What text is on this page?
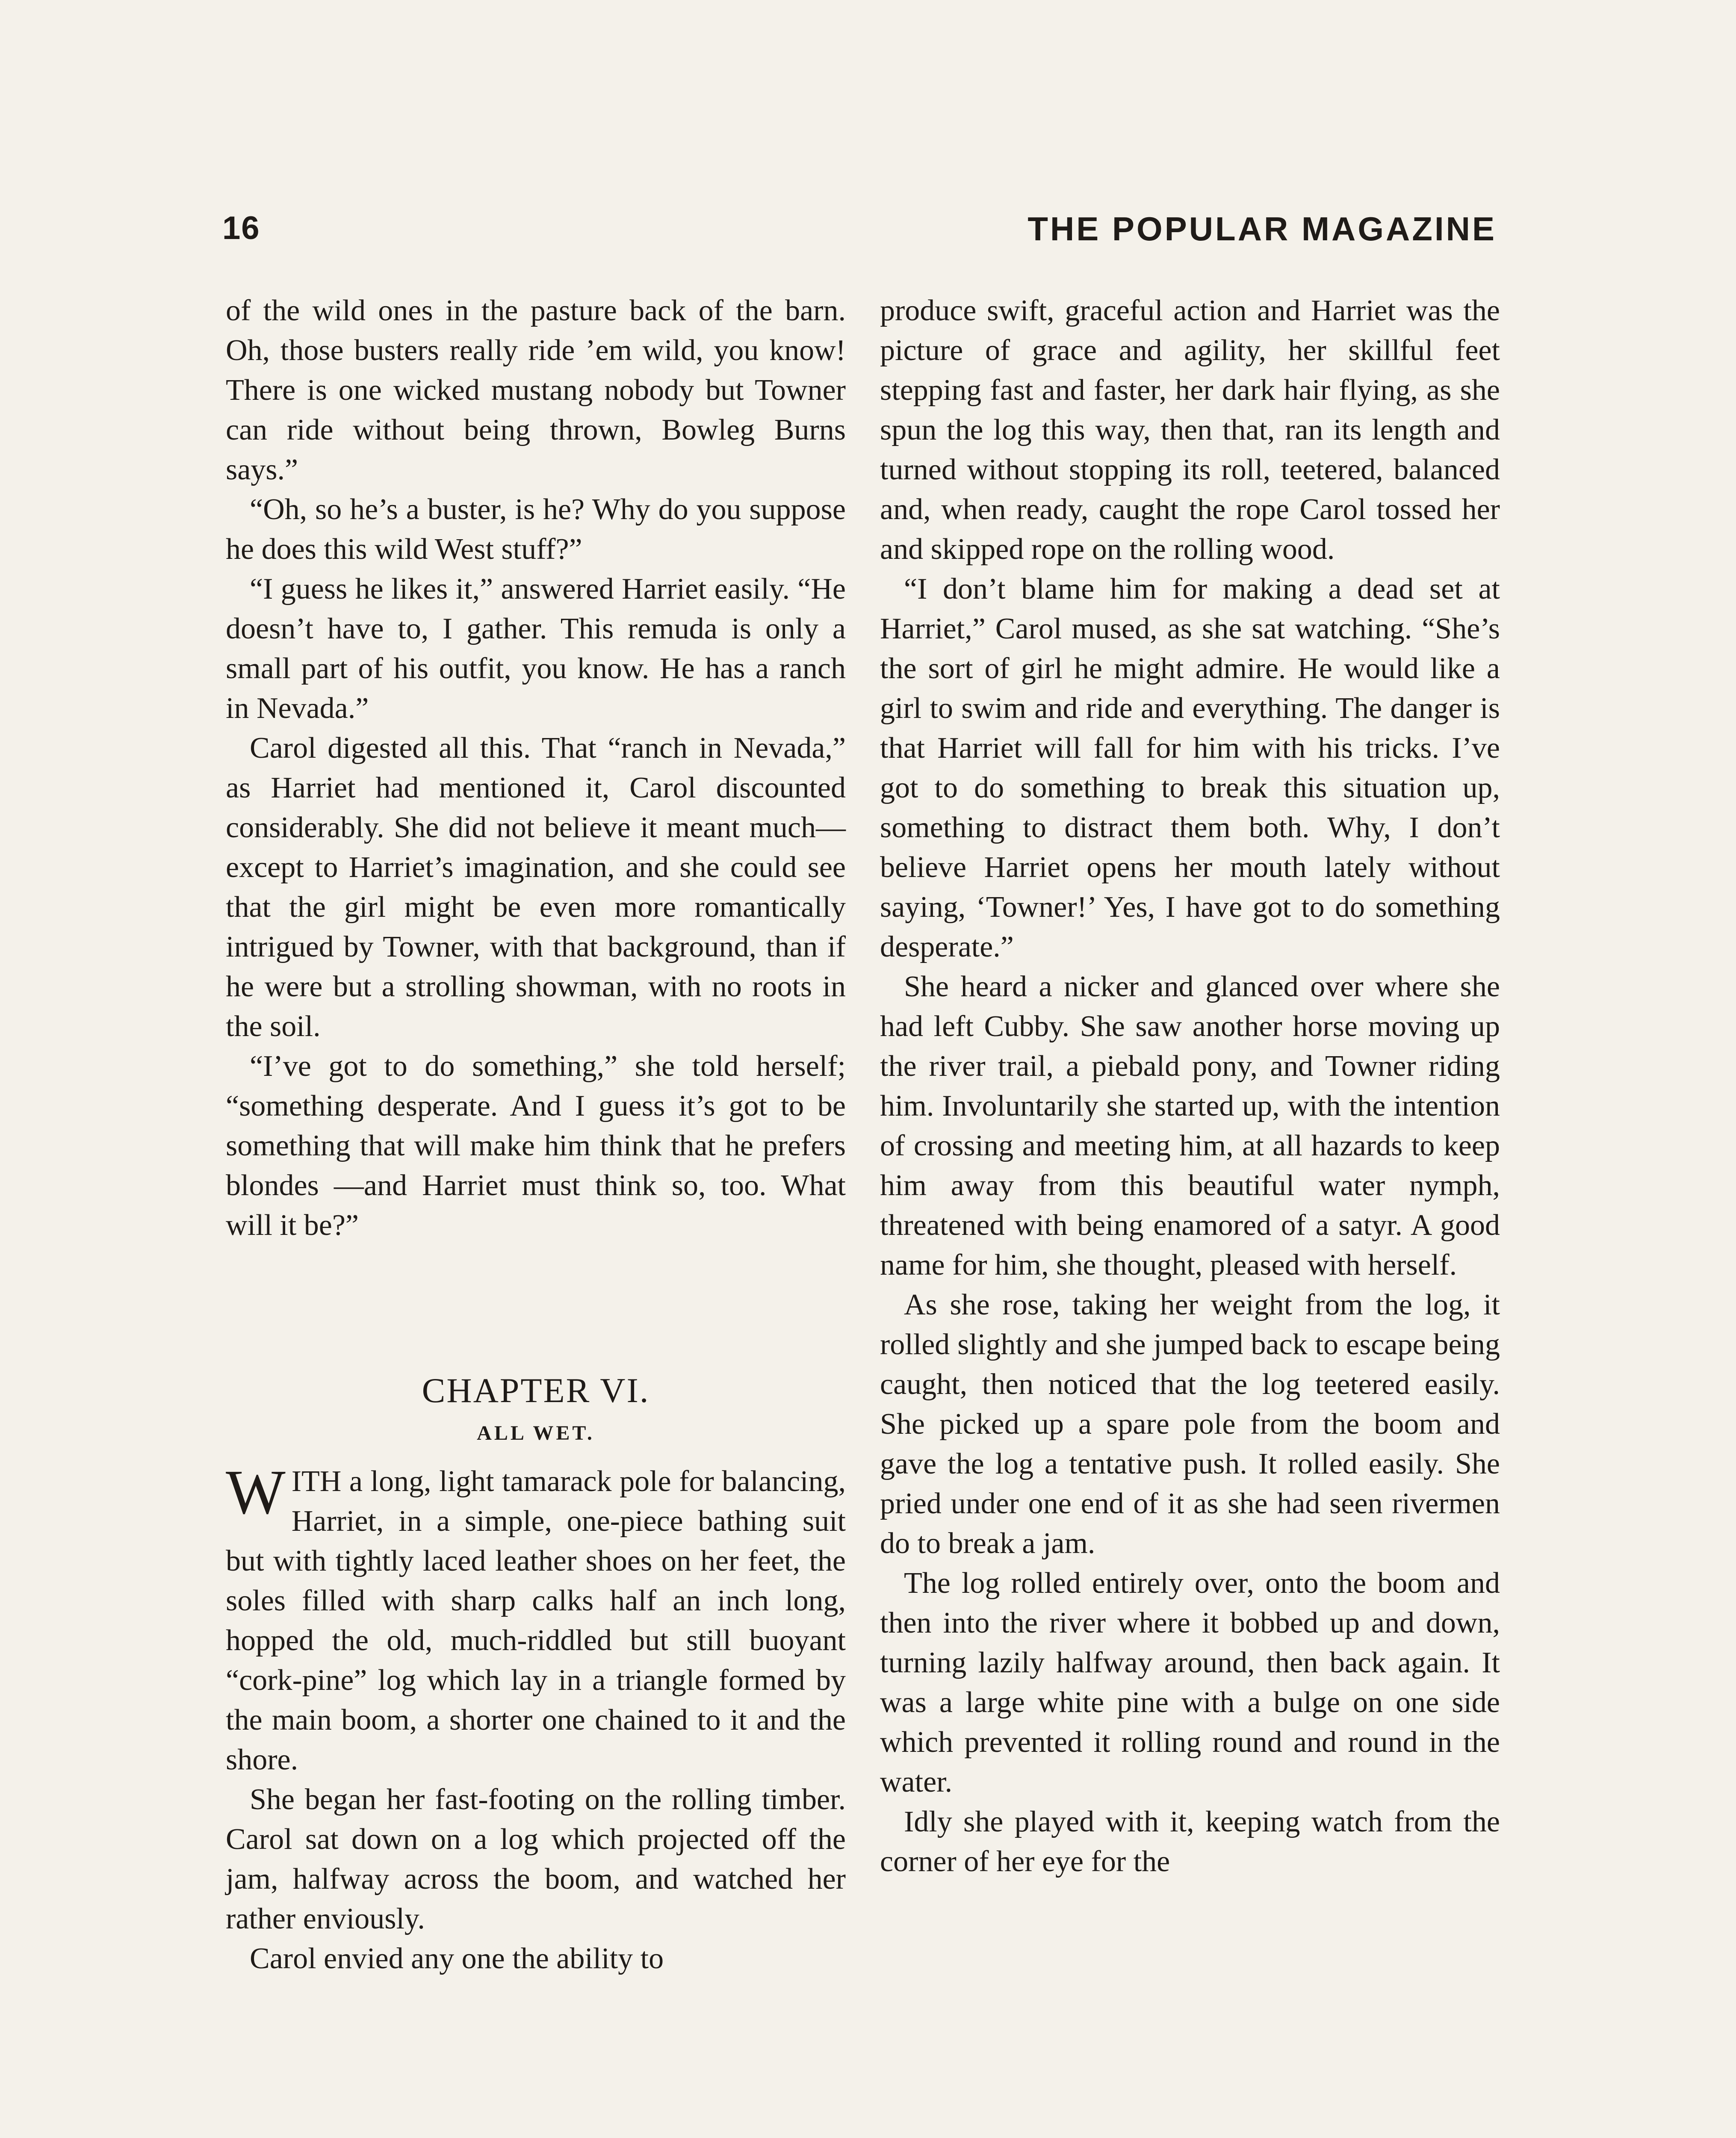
16	THE POPULAR MAGAZINE

of the wild ones in the pasture back of the barn. Oh, those busters really ride ’em wild, you know! There is one wicked mustang nobody but Towner can ride without being thrown, Bowleg Burns says.”

“Oh, so he’s a buster, is he? Why do you suppose he does this wild West stuff?”

“I guess he likes it,” answered Harriet easily. “He doesn’t have to, I gather. This remuda is only a small part of his outfit, you know. He has a ranch in Nevada.”

Carol digested all this. That “ranch in Nevada,” as Harriet had mentioned it, Carol discounted considerably. She did not believe it meant much—except to Harriet’s imagination, and she could see that the girl might be even more romantically intrigued by Towner, with that background, than if he were but a strolling showman, with no roots in the soil.

“I’ve got to do something,” she told herself; “something desperate. And I guess it’s got to be something that will make him think that he prefers blondes —and Harriet must think so, too. What will it be?”

CHAPTER VI.

ALL WET.

WITH a long, light tamarack pole for balancing, Harriet, in a simple, one-piece bathing suit but with tightly laced leather shoes on her feet, the soles filled with sharp calks half an inch long, hopped the old, much-riddled but still buoyant “cork-pine” log which lay in a triangle formed by the main boom, a shorter one chained to it and the shore.

She began her fast-footing on the rolling timber. Carol sat down on a log which projected off the jam, halfway across the boom, and watched her rather enviously.

Carol envied any one the ability to

produce swift, graceful action and Harriet was the picture of grace and agility, her skillful feet stepping fast and faster, her dark hair flying, as she spun the log this way, then that, ran its length and turned without stopping its roll, teetered, balanced and, when ready, caught the rope Carol tossed her and skipped rope on the rolling wood.

“I don’t blame him for making a dead set at Harriet,” Carol mused, as she sat watching. “She’s the sort of girl he might admire. He would like a girl to swim and ride and everything. The danger is that Harriet will fall for him with his tricks. I’ve got to do something to break this situation up, something to distract them both. Why, I don’t believe Harriet opens her mouth lately without saying, ‘Towner!’ Yes, I have got to do something desperate.”

She heard a nicker and glanced over where she had left Cubby. She saw another horse moving up the river trail, a piebald pony, and Towner riding him. Involuntarily she started up, with the intention of crossing and meeting him, at all hazards to keep him away from this beautiful water nymph, threatened with being enamored of a satyr. A good name for him, she thought, pleased with herself.

As she rose, taking her weight from the log, it rolled slightly and she jumped back to escape being caught, then noticed that the log teetered easily. She picked up a spare pole from the boom and gave the log a tentative push. It rolled easily. She pried under one end of it as she had seen rivermen do to break a jam.

The log rolled entirely over, onto the boom and then into the river where it bobbed up and down, turning lazily halfway around, then back again. It was a large white pine with a bulge on one side which prevented it rolling round and round in the water.

Idly she played with it, keeping watch from the corner of her eye for the
